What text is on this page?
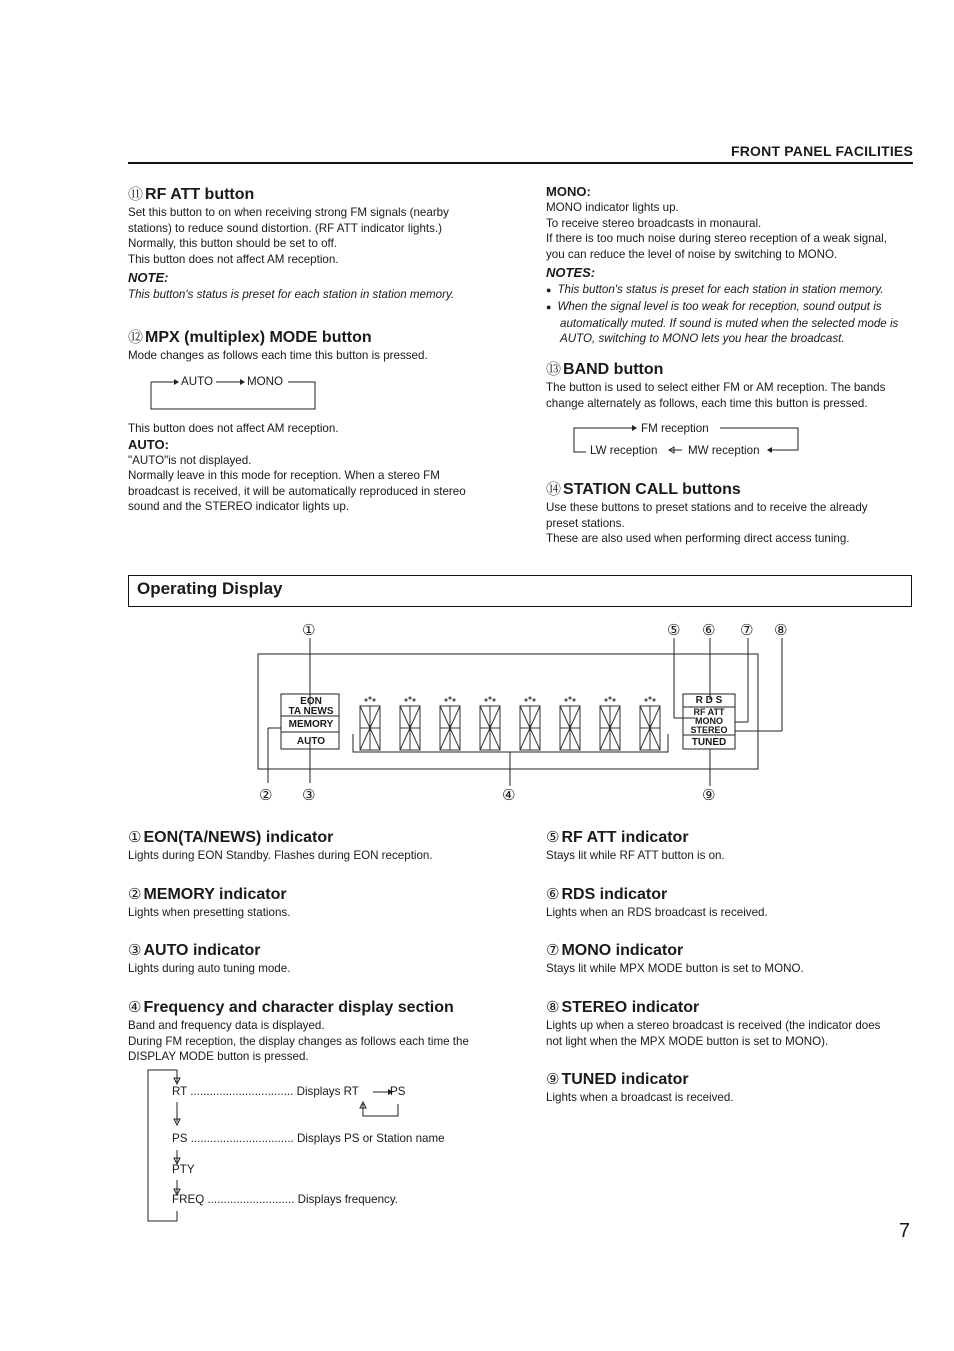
FRONT PANEL FACILITIES
⑪ RF ATT button

Set this button to on when receiving strong FM signals (nearby

stations) to reduce sound distortion. (RF ATT indicator lights.)

Normally, this button should be set to off.

This button does not affect AM reception.

NOTE:

This button's status is preset for each station in station memory.

⑫ MPX (multiplex) MODE button

Mode changes as follows each time this button is pressed.

AUTO	MONO

This button does not affect AM reception.

AUTO:

"AUTO"is not displayed.

Normally leave in this mode for reception. When a stereo FM

broadcast is received, it will be automatically reproduced in stereo

sound and the STEREO indicator lights up.

MONO:

MONO indicator lights up.

To receive stereo broadcasts in monaural.

If there is too much noise during stereo reception of a weak signal,

you can reduce the level of noise by switching to MONO.

NOTES:

● This button's status is preset for each station in station memory.

● When the signal level is too weak for reception, sound output is automatically muted. If sound is muted when the selected mode is AUTO, switching to MONO lets you hear the broadcast.

⑬ BAND button

The button is used to select either FM or AM reception. The bands

change alternately as follows, each time this button is pressed.

FM reception
LW reception	MW reception
⑭ STATION CALL buttons

Use these buttons to preset stations and to receive the already

preset stations.

These are also used when performing direct access tuning.

Operating Display
EON
TA NEWS
MEMORY
AUTO
R D S
RF ATT
MONO
STEREO
TUNED
①
② ③	④
⑤ ⑥ ⑦ ⑧
⑨
① EON(TA/NEWS) indicator

Lights during EON Standby. Flashes during EON reception.

② MEMORY indicator

Lights when presetting stations.

③ AUTO indicator

Lights during auto tuning mode.

④ Frequency and character display section

Band and frequency data is displayed.

During FM reception, the display changes as follows each time the

DISPLAY MODE button is pressed.

RT ................................ Displays RT	PS
PS ................................ Displays PS or Station name
PTY
FREQ ........................... Displays frequency.
⑤ RF ATT indicator

Stays lit while RF ATT button is on.

⑥ RDS indicator

Lights when an RDS broadcast is received.

⑦ MONO indicator

Stays lit while MPX MODE button is set to MONO.

⑧ STEREO indicator

Lights up when a stereo broadcast is received (the indicator does

not light when the MPX MODE button is set to MONO).

⑨ TUNED indicator

Lights when a broadcast is received.

7
